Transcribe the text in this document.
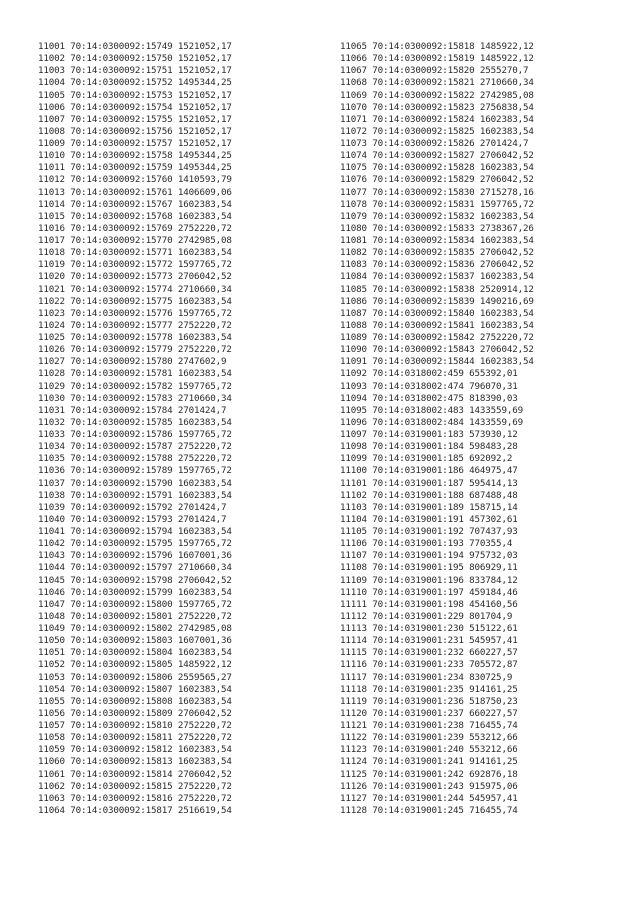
11001 70:14:0300092:15749 1521052,17
11002 70:14:0300092:15750 1521052,17
11003 70:14:0300092:15751 1521052,17
11004 70:14:0300092:15752 1495344,25
11005 70:14:0300092:15753 1521052,17
11006 70:14:0300092:15754 1521052,17
11007 70:14:0300092:15755 1521052,17
11008 70:14:0300092:15756 1521052,17
11009 70:14:0300092:15757 1521052,17
11010 70:14:0300092:15758 1495344,25
11011 70:14:0300092:15759 1495344,25
11012 70:14:0300092:15760 1410593,79
11013 70:14:0300092:15761 1406609,06
11014 70:14:0300092:15767 1602383,54
11015 70:14:0300092:15768 1602383,54
11016 70:14:0300092:15769 2752220,72
11017 70:14:0300092:15770 2742985,08
11018 70:14:0300092:15771 1602383,54
11019 70:14:0300092:15772 1597765,72
11020 70:14:0300092:15773 2706042,52
11021 70:14:0300092:15774 2710660,34
11022 70:14:0300092:15775 1602383,54
11023 70:14:0300092:15776 1597765,72
11024 70:14:0300092:15777 2752220,72
11025 70:14:0300092:15778 1602383,54
11026 70:14:0300092:15779 2752220,72
11027 70:14:0300092:15780 2747602,9
11028 70:14:0300092:15781 1602383,54
11029 70:14:0300092:15782 1597765,72
11030 70:14:0300092:15783 2710660,34
11031 70:14:0300092:15784 2701424,7
11032 70:14:0300092:15785 1602383,54
11033 70:14:0300092:15786 1597765,72
11034 70:14:0300092:15787 2752220,72
11035 70:14:0300092:15788 2752220,72
11036 70:14:0300092:15789 1597765,72
11037 70:14:0300092:15790 1602383,54
11038 70:14:0300092:15791 1602383,54
11039 70:14:0300092:15792 2701424,7
11040 70:14:0300092:15793 2701424,7
11041 70:14:0300092:15794 1602383,54
11042 70:14:0300092:15795 1597765,72
11043 70:14:0300092:15796 1607001,36
11044 70:14:0300092:15797 2710660,34
11045 70:14:0300092:15798 2706042,52
11046 70:14:0300092:15799 1602383,54
11047 70:14:0300092:15800 1597765,72
11048 70:14:0300092:15801 2752220,72
11049 70:14:0300092:15802 2742985,08
11050 70:14:0300092:15803 1607001,36
11051 70:14:0300092:15804 1602383,54
11052 70:14:0300092:15805 1485922,12
11053 70:14:0300092:15806 2559565,27
11054 70:14:0300092:15807 1602383,54
11055 70:14:0300092:15808 1602383,54
11056 70:14:0300092:15809 2706042,52
11057 70:14:0300092:15810 2752220,72
11058 70:14:0300092:15811 2752220,72
11059 70:14:0300092:15812 1602383,54
11060 70:14:0300092:15813 1602383,54
11061 70:14:0300092:15814 2706042,52
11062 70:14:0300092:15815 2752220,72
11063 70:14:0300092:15816 2752220,72
11064 70:14:0300092:15817 2516619,54
11065 70:14:0300092:15818 1485922,12
11066 70:14:0300092:15819 1485922,12
11067 70:14:0300092:15820 2555270,7
11068 70:14:0300092:15821 2710660,34
11069 70:14:0300092:15822 2742985,08
11070 70:14:0300092:15823 2756838,54
11071 70:14:0300092:15824 1602383,54
11072 70:14:0300092:15825 1602383,54
11073 70:14:0300092:15826 2701424,7
11074 70:14:0300092:15827 2706042,52
11075 70:14:0300092:15828 1602383,54
11076 70:14:0300092:15829 2706042,52
11077 70:14:0300092:15830 2715278,16
11078 70:14:0300092:15831 1597765,72
11079 70:14:0300092:15832 1602383,54
11080 70:14:0300092:15833 2738367,26
11081 70:14:0300092:15834 1602383,54
11082 70:14:0300092:15835 2706042,52
11083 70:14:0300092:15836 2706042,52
11084 70:14:0300092:15837 1602383,54
11085 70:14:0300092:15838 2520914,12
11086 70:14:0300092:15839 1490216,69
11087 70:14:0300092:15840 1602383,54
11088 70:14:0300092:15841 1602383,54
11089 70:14:0300092:15842 2752220,72
11090 70:14:0300092:15843 2706042,52
11091 70:14:0300092:15844 1602383,54
11092 70:14:0318002:459 655392,01
11093 70:14:0318002:474 796070,31
11094 70:14:0318002:475 818390,03
11095 70:14:0318002:483 1433559,69
11096 70:14:0318002:484 1433559,69
11097 70:14:0319001:183 573930,12
11098 70:14:0319001:184 598483,28
11099 70:14:0319001:185 692092,2
11100 70:14:0319001:186 464975,47
11101 70:14:0319001:187 595414,13
11102 70:14:0319001:188 687488,48
11103 70:14:0319001:189 158715,14
11104 70:14:0319001:191 457302,61
11105 70:14:0319001:192 707437,93
11106 70:14:0319001:193 770355,4
11107 70:14:0319001:194 975732,03
11108 70:14:0319001:195 806929,11
11109 70:14:0319001:196 833784,12
11110 70:14:0319001:197 459184,46
11111 70:14:0319001:198 454160,56
11112 70:14:0319001:229 801704,9
11113 70:14:0319001:230 515122,61
11114 70:14:0319001:231 545957,41
11115 70:14:0319001:232 660227,57
11116 70:14:0319001:233 705572,87
11117 70:14:0319001:234 830725,9
11118 70:14:0319001:235 914161,25
11119 70:14:0319001:236 518750,23
11120 70:14:0319001:237 660227,57
11121 70:14:0319001:238 716455,74
11122 70:14:0319001:239 553212,66
11123 70:14:0319001:240 553212,66
11124 70:14:0319001:241 914161,25
11125 70:14:0319001:242 692876,18
11126 70:14:0319001:243 915975,06
11127 70:14:0319001:244 545957,41
11128 70:14:0319001:245 716455,74
